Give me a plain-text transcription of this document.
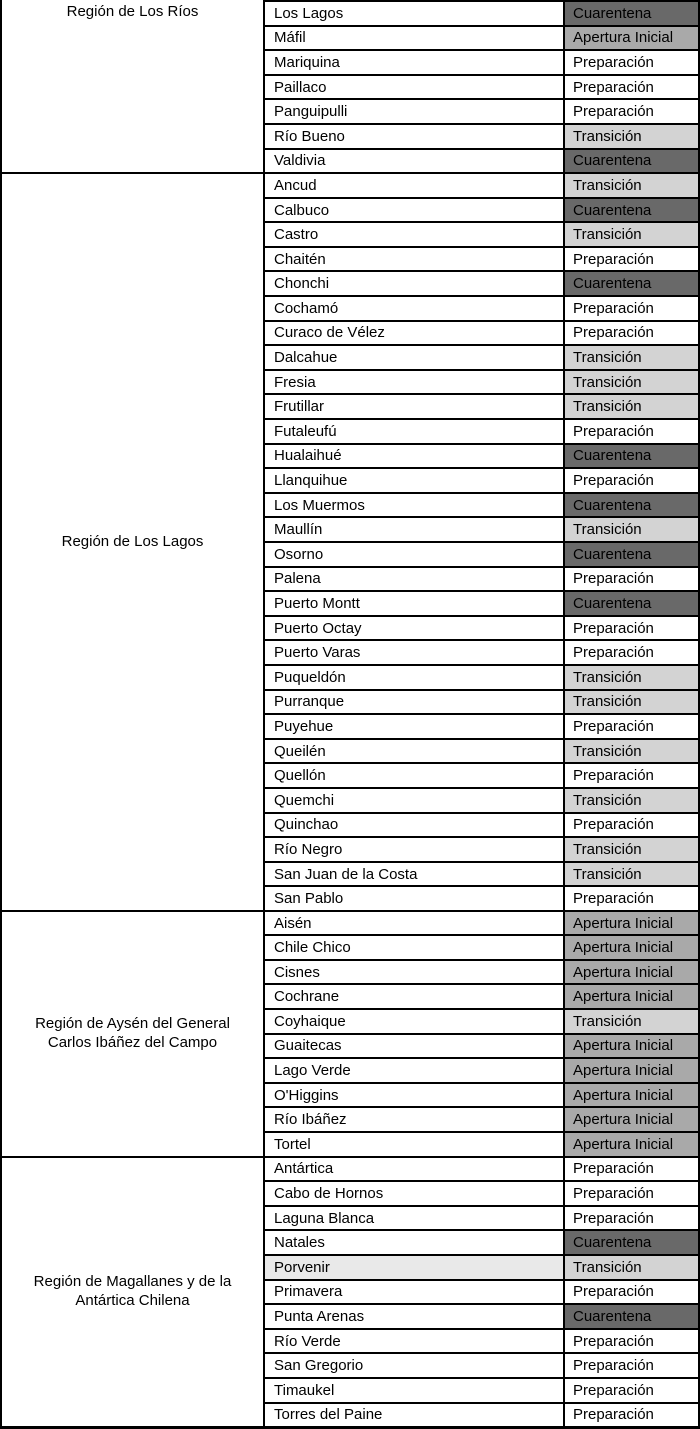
Región de Los Ríos	Los Lagos	Cuarentena
Máfil	Apertura Inicial
Mariquina	Preparación
Paillaco	Preparación
Panguipulli	Preparación
Río Bueno	Transición
Valdivia	Cuarentena
Región de Los Lagos
Ancud	Transición
Calbuco	Cuarentena
Castro	Transición
Chaitén	Preparación
Chonchi	Cuarentena
Cochamó	Preparación
Curaco de Vélez	Preparación
Dalcahue	Transición
Fresia	Transición
Frutillar	Transición
Futaleufú	Preparación
Hualaihué	Cuarentena
Llanquihue	Preparación
Los Muermos	Cuarentena
Maullín	Transición
Osorno	Cuarentena
Palena	Preparación
Puerto Montt	Cuarentena
Puerto Octay	Preparación
Puerto Varas	Preparación
Puqueldón	Transición
Purranque	Transición
Puyehue	Preparación
Queilén	Transición
Quellón	Preparación
Quemchi	Transición
Quinchao	Preparación
Río Negro	Transición
San Juan de la Costa	Transición
San Pablo	Preparación
Región de Aysén del General Carlos Ibáñez del Campo
Aisén	Apertura Inicial
Chile Chico	Apertura Inicial
Cisnes	Apertura Inicial
Cochrane	Apertura Inicial
Coyhaique	Transición
Guaitecas	Apertura Inicial
Lago Verde	Apertura Inicial
O'Higgins	Apertura Inicial
Río Ibáñez	Apertura Inicial
Tortel	Apertura Inicial
Región de Magallanes y de la Antártica Chilena
Antártica	Preparación
Cabo de Hornos	Preparación
Laguna Blanca	Preparación
Natales	Cuarentena
Porvenir	Transición
Primavera	Preparación
Punta Arenas	Cuarentena
Río Verde	Preparación
San Gregorio	Preparación
Timaukel	Preparación
Torres del Paine	Preparación
